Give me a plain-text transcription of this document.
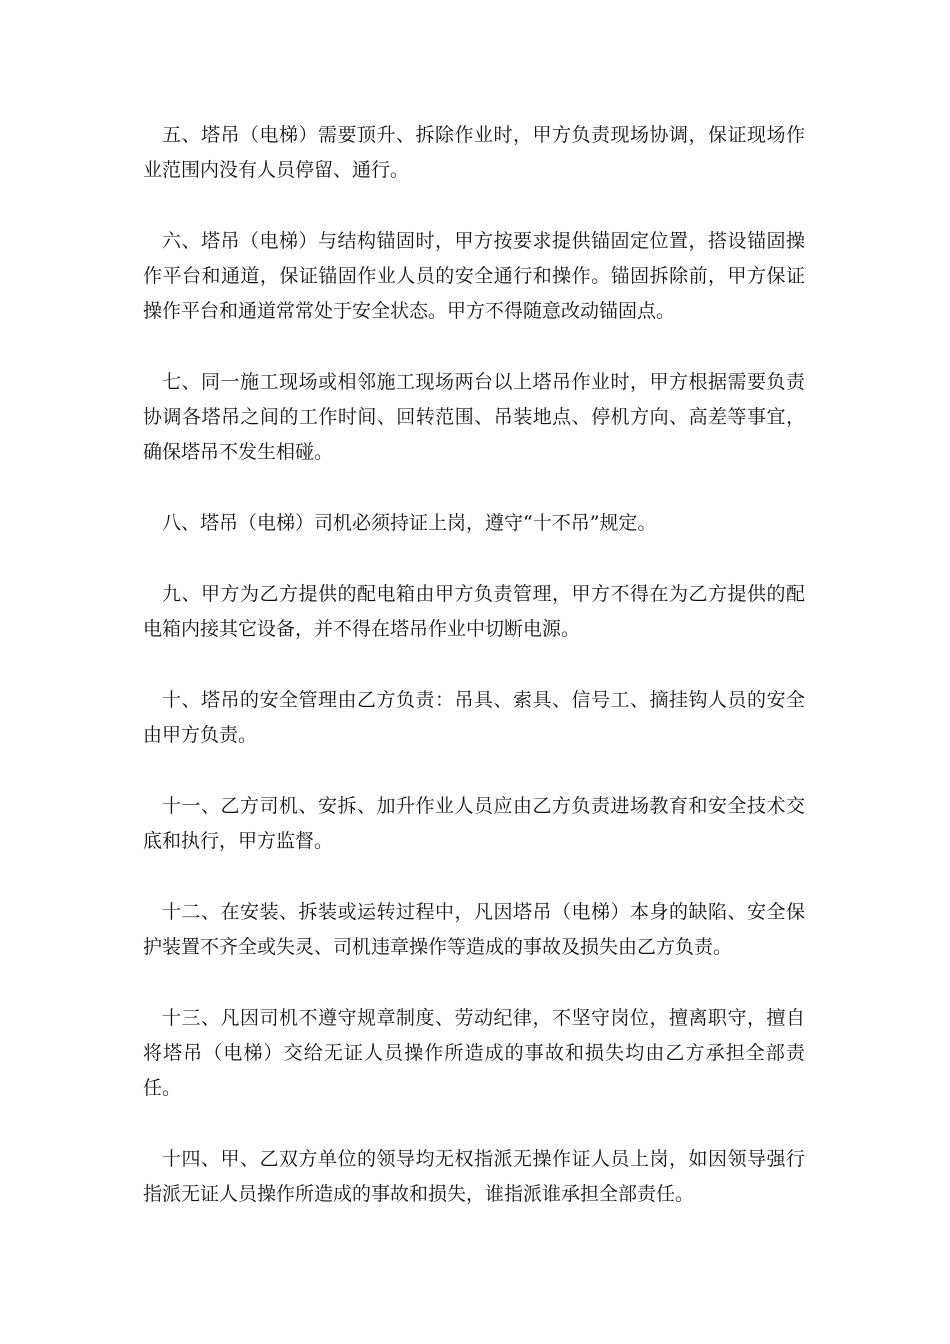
五、塔吊（电梯）需要顶升、拆除作业时，甲方负责现场协调，保证现场作业范围内没有人员停留、通行。

六、塔吊（电梯）与结构锚固时，甲方按要求提供锚固定位置，搭设锚固操作平台和通道，保证锚固作业人员的安全通行和操作。锚固拆除前，甲方保证操作平台和通道常常处于安全状态。甲方不得随意改动锚固点。

七、同一施工现场或相邻施工现场两台以上塔吊作业时，甲方根据需要负责协调各塔吊之间的工作时间、回转范围、吊装地点、停机方向、高差等事宜，确保塔吊不发生相碰。

八、塔吊（电梯）司机必须持证上岗，遵守“十不吊”规定。

九、甲方为乙方提供的配电箱由甲方负责管理，甲方不得在为乙方提供的配电箱内接其它设备，并不得在塔吊作业中切断电源。

十、塔吊的安全管理由乙方负责：吊具、索具、信号工、摘挂钩人员的安全由甲方负责。

十一、乙方司机、安拆、加升作业人员应由乙方负责进场教育和安全技术交底和执行，甲方监督。

十二、在安装、拆装或运转过程中，凡因塔吊（电梯）本身的缺陷、安全保护装置不齐全或失灵、司机违章操作等造成的事故及损失由乙方负责。

十三、凡因司机不遵守规章制度、劳动纪律，不坚守岗位，擅离职守，擅自将塔吊（电梯）交给无证人员操作所造成的事故和损失均由乙方承担全部责任。

十四、甲、乙双方单位的领导均无权指派无操作证人员上岗，如因领导强行指派无证人员操作所造成的事故和损失，谁指派谁承担全部责任。
